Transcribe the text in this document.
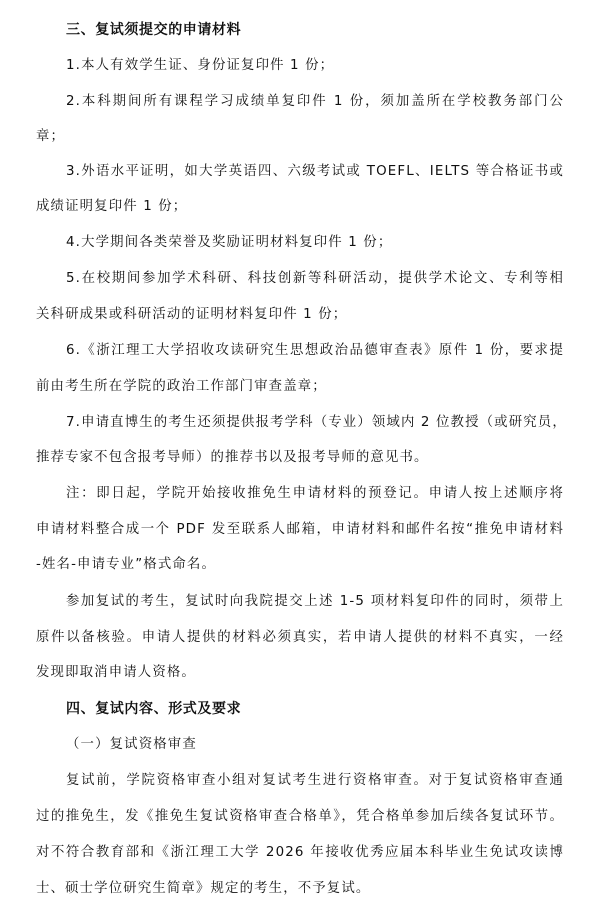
三、复试须提交的申请材料
1.本人有效学生证、身份证复印件 1 份；
2.本科期间所有课程学习成绩单复印件 1 份，须加盖所在学校教务部门公
章；
3.外语水平证明，如大学英语四、六级考试或 TOEFL、IELTS 等合格证书或
成绩证明复印件 1 份；
4.大学期间各类荣誉及奖励证明材料复印件 1 份；
5.在校期间参加学术科研、科技创新等科研活动，提供学术论文、专利等相
关科研成果或科研活动的证明材料复印件 1 份；
6.《浙江理工大学招收攻读研究生思想政治品德审查表》原件 1 份，要求提
前由考生所在学院的政治工作部门审查盖章；
7.申请直博生的考生还须提供报考学科（专业）领域内 2 位教授（或研究员，
推荐专家不包含报考导师）的推荐书以及报考导师的意见书。
注：即日起，学院开始接收推免生申请材料的预登记。申请人按上述顺序将
申请材料整合成一个 PDF 发至联系人邮箱，申请材料和邮件名按“推免申请材料
-姓名-申请专业”格式命名。
参加复试的考生，复试时向我院提交上述 1-5 项材料复印件的同时，须带上
原件以备核验。申请人提供的材料必须真实，若申请人提供的材料不真实，一经
发现即取消申请人资格。
四、复试内容、形式及要求
（一）复试资格审查
复试前，学院资格审查小组对复试考生进行资格审查。对于复试资格审查通
过的推免生，发《推免生复试资格审查合格单》，凭合格单参加后续各复试环节。
对不符合教育部和《浙江理工大学 2026 年接收优秀应届本科毕业生免试攻读博
士、硕士学位研究生简章》规定的考生，不予复试。
